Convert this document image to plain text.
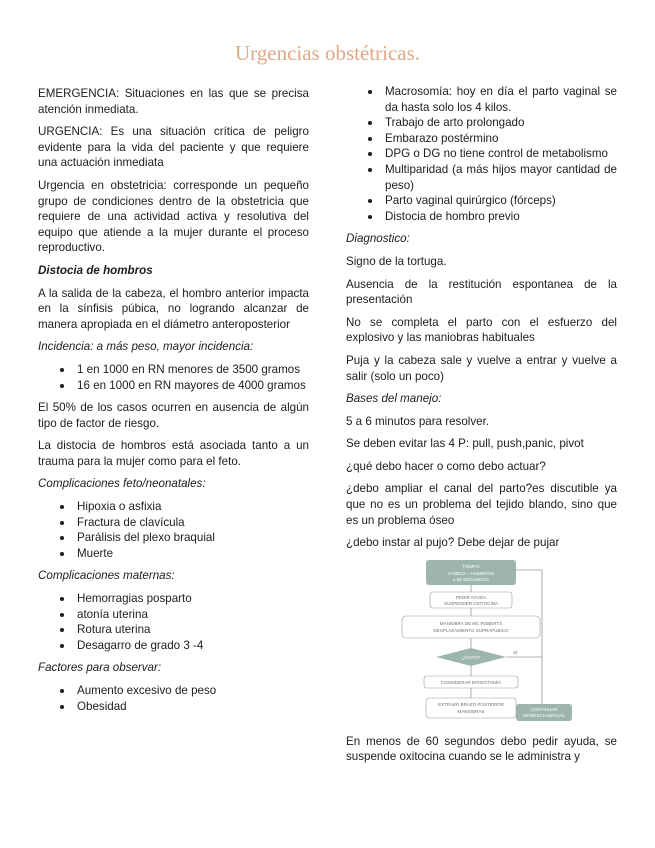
Urgencias obstétricas.

EMERGENCIA: Situaciones en las que se precisa atención inmediata.

URGENCIA: Es una situación crítica de peligro evidente para la vida del paciente y que requiere una actuación inmediata

Urgencia en obstetricia: corresponde un pequeño grupo de condiciones dentro de la obstetricia que requiere de una actividad activa y resolutiva del equipo que atiende a la mujer durante el proceso reproductivo.

Distocia de hombros

A la salida de la cabeza, el hombro anterior impacta en la sínfisis púbica, no logrando alcanzar de manera apropiada en el diámetro anteroposterior

Incidencia: a más peso, mayor incidencia:

1 en 1000 en RN menores de 3500 gramos
16 en 1000 en RN mayores de 4000 gramos

El 50% de los casos ocurren en ausencia de algún tipo de factor de riesgo.

La distocia de hombros está asociada tanto a un trauma para la mujer como para el feto.

Complicaciones feto/neonatales:

Hipoxia o asfixia
Fractura de clavícula
Parálisis del plexo braquial
Muerte

Complicaciones maternas:

Hemorragias posparto
atonía uterina
Rotura uterina
Desagarro de grado 3 -4

Factores para observar:

Aumento excesivo de peso
Obesidad
Macrosomía: hoy en día el parto vaginal se da hasta solo los 4 kilos.
Trabajo de arto prolongado
Embarazo postérmino
DPG o DG no tiene control de metabolismo
Multiparidad (a más hijos mayor cantidad de peso)
Parto vaginal quirúrgico (fórceps)
Distocia de hombro previo

Diagnostico:

Signo de la tortuga.

Ausencia de la restitución espontanea de la presentación

No se completa el parto con el esfuerzo del explosivo y las maniobras habituales

Puja y la cabeza sale y vuelve a entrar y vuelve a salir (solo un poco)

Bases del manejo:

5 a 6 minutos para resolver.

Se deben evitar las 4 P: pull, push,panic, pivot

¿qué debo hacer o como debo actuar?

¿debo ampliar el canal del parto?es discutible ya que no es un problema del tejido blando, sino que es un problema óseo

¿debo instar al pujo? Debe dejar de pujar

TIEMPO
CABEZA – HOMBROS
≤ 60 SEGUNDOS
PEDIR AYUDA
SUSPENDER OXITOCINA
MANIOBRA DE MC ROBERTS
DESPLAZAMIENTO SUPRAPÚBICO
¿ÉXITO?
SÍ
CONSIDERAR EPISIOTOMÍA
EXTRAER BRAZO POSTERIOR
MANIOBRAS	CONTINUAR
MANEJO HABITUAL

En menos de 60 segundos debo pedir ayuda, se suspende oxitocina cuando se le administra y
